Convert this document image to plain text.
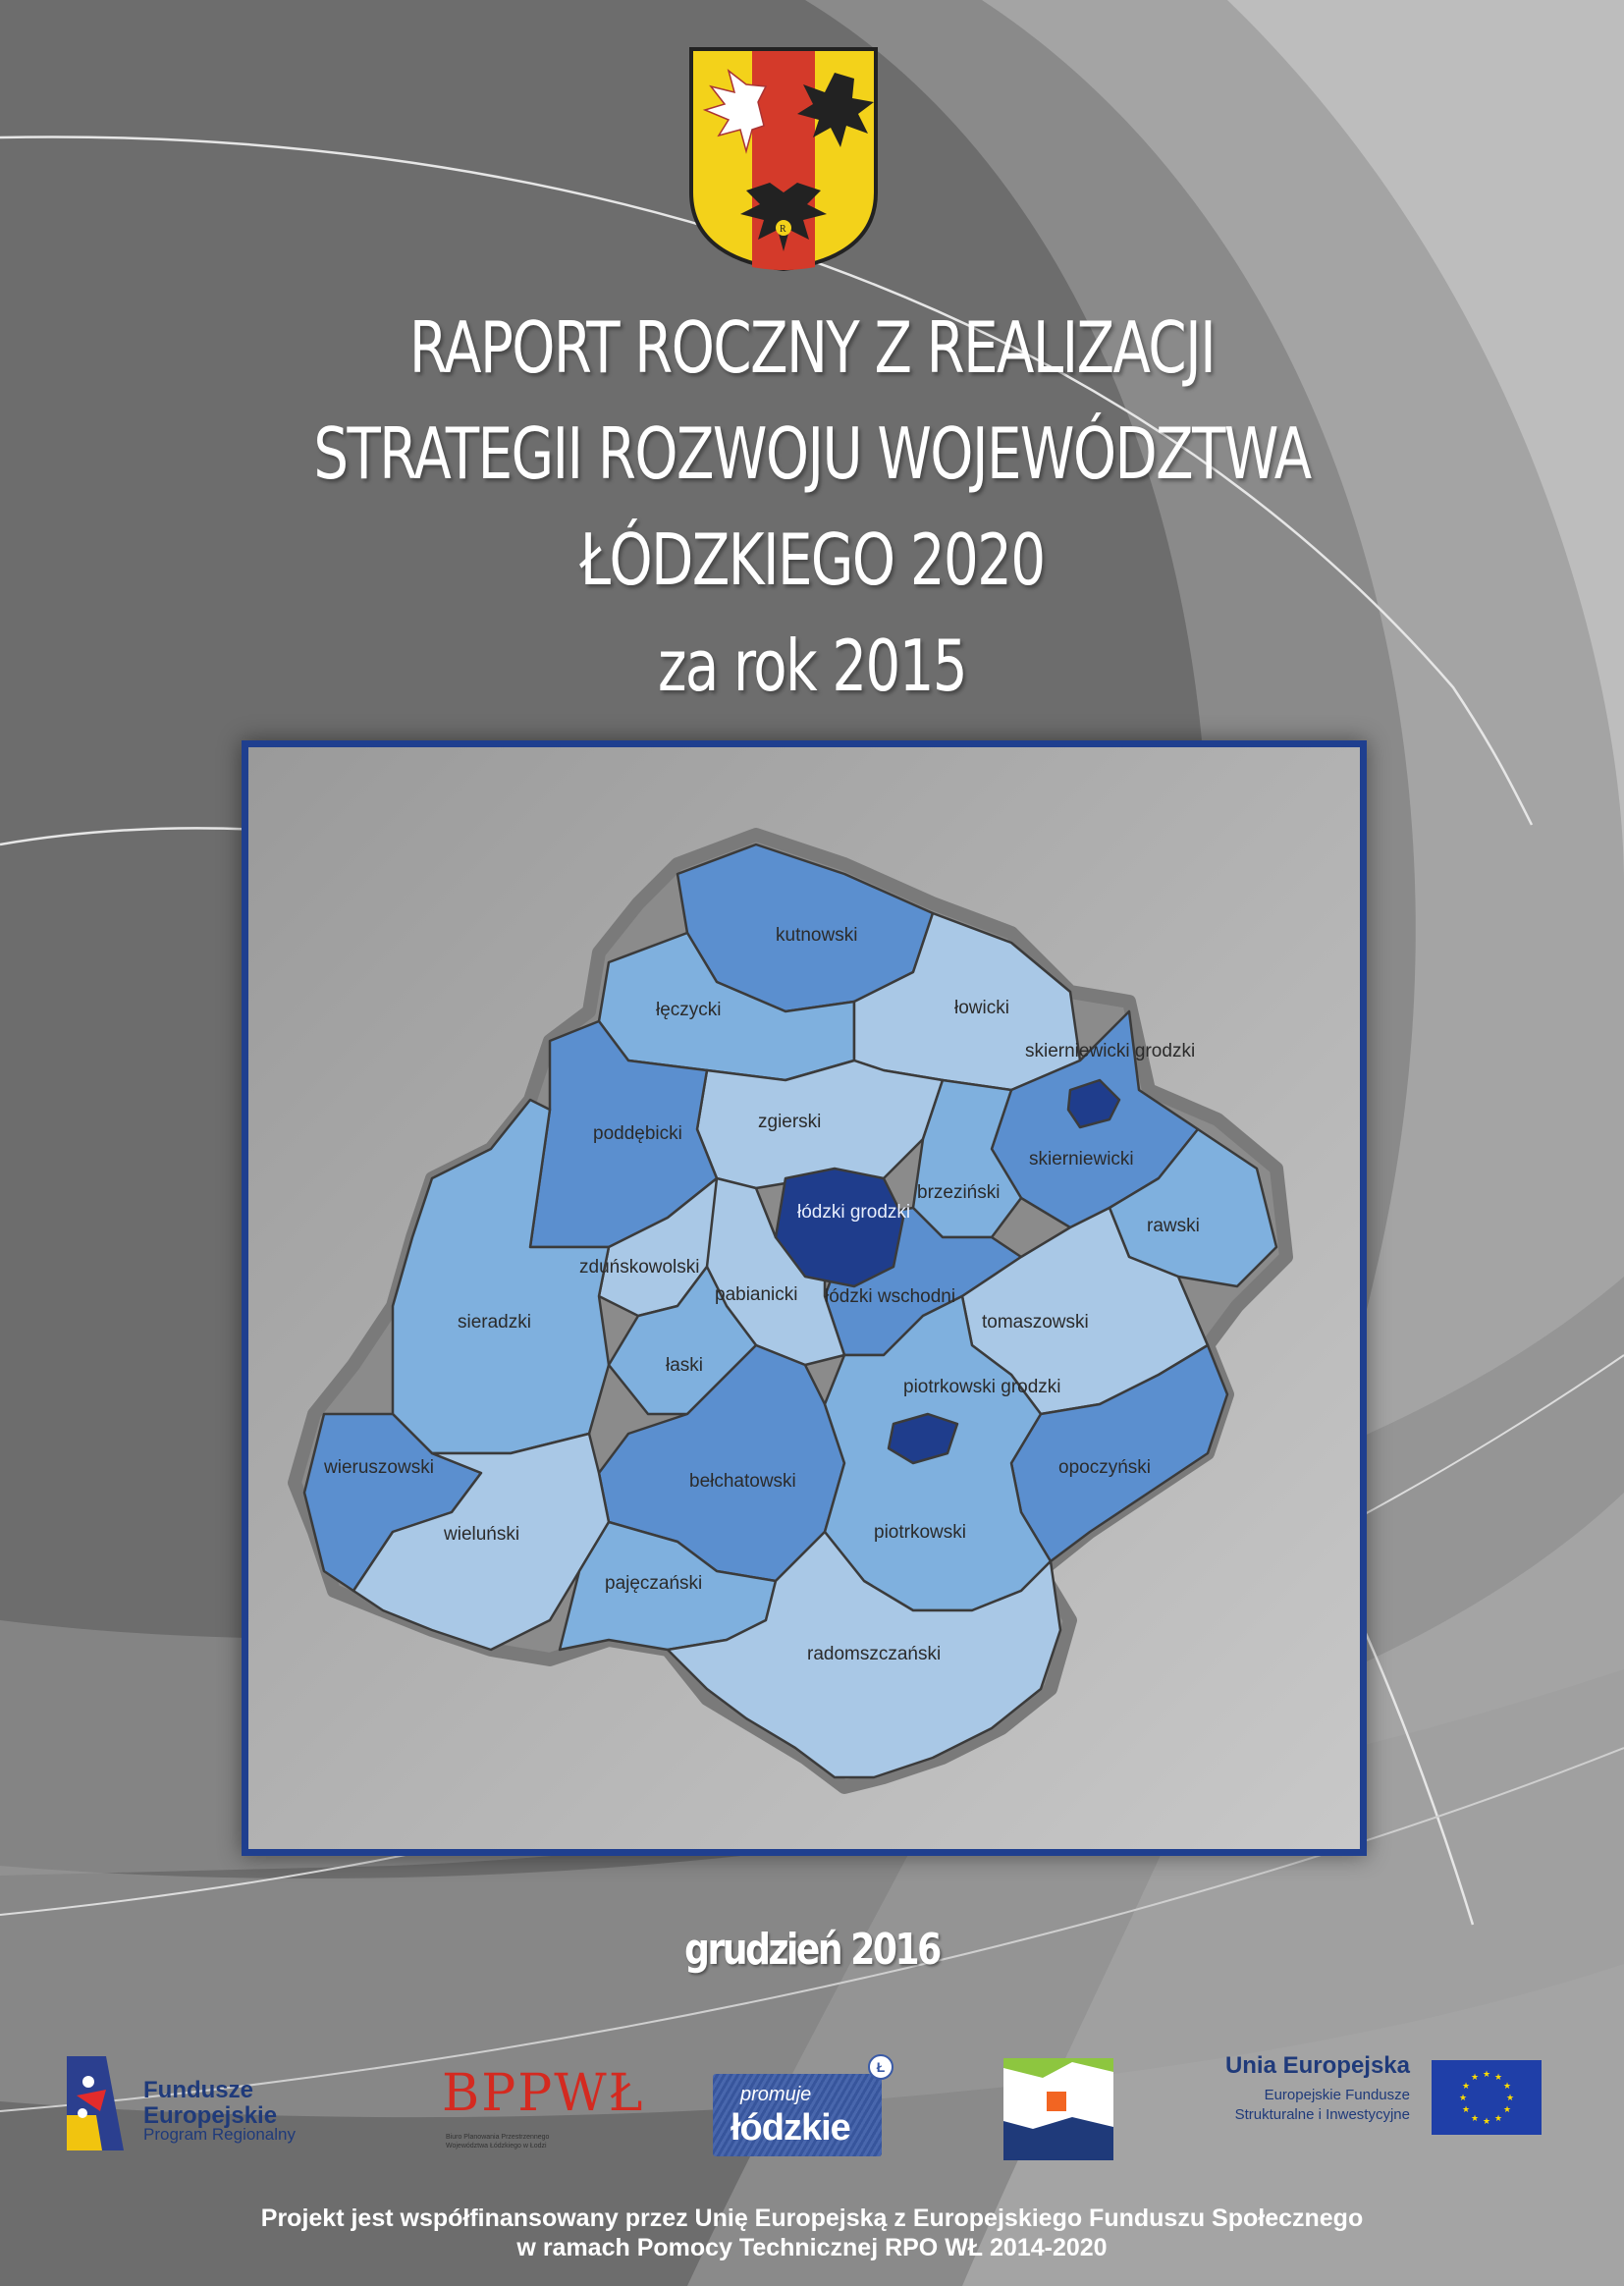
R
RAPORT ROCZNY Z REALIZACJI
STRATEGII ROZWOJU WOJEWÓDZTWA
ŁÓDZKIEGO 2020
za rok 2015
kutnowski
łęczycki	łowicki
skierniewicki grodzki
zgierski
poddębicki
skierniewicki
łódzki grodzki
brzeziński
rawski
zduńskowolski
łódzki wschodni
pabianicki
sieradzki	tomaszowski
łaski
piotrkowski grodzki
wieruszowski
bełchatowski
opoczyński
wieluński	piotrkowski
pajęczański
radomszczański
grudzień 2016
Fundusze
Europejskie
Program Regionalny
BPPWŁ
Biuro Planowania Przestrzennego Województwa Łódzkiego w Łodzi
promuje
łódzkie
Ł	Unia Europejska
Europejskie Fundusze
Strukturalne i Inwestycyjne
★ ★
★
★
★
★
★
★
★
★
★
★
Projekt jest współfinansowany przez Unię Europejską z Europejskiego Funduszu Społecznego
w ramach Pomocy Technicznej RPO WŁ 2014-2020
